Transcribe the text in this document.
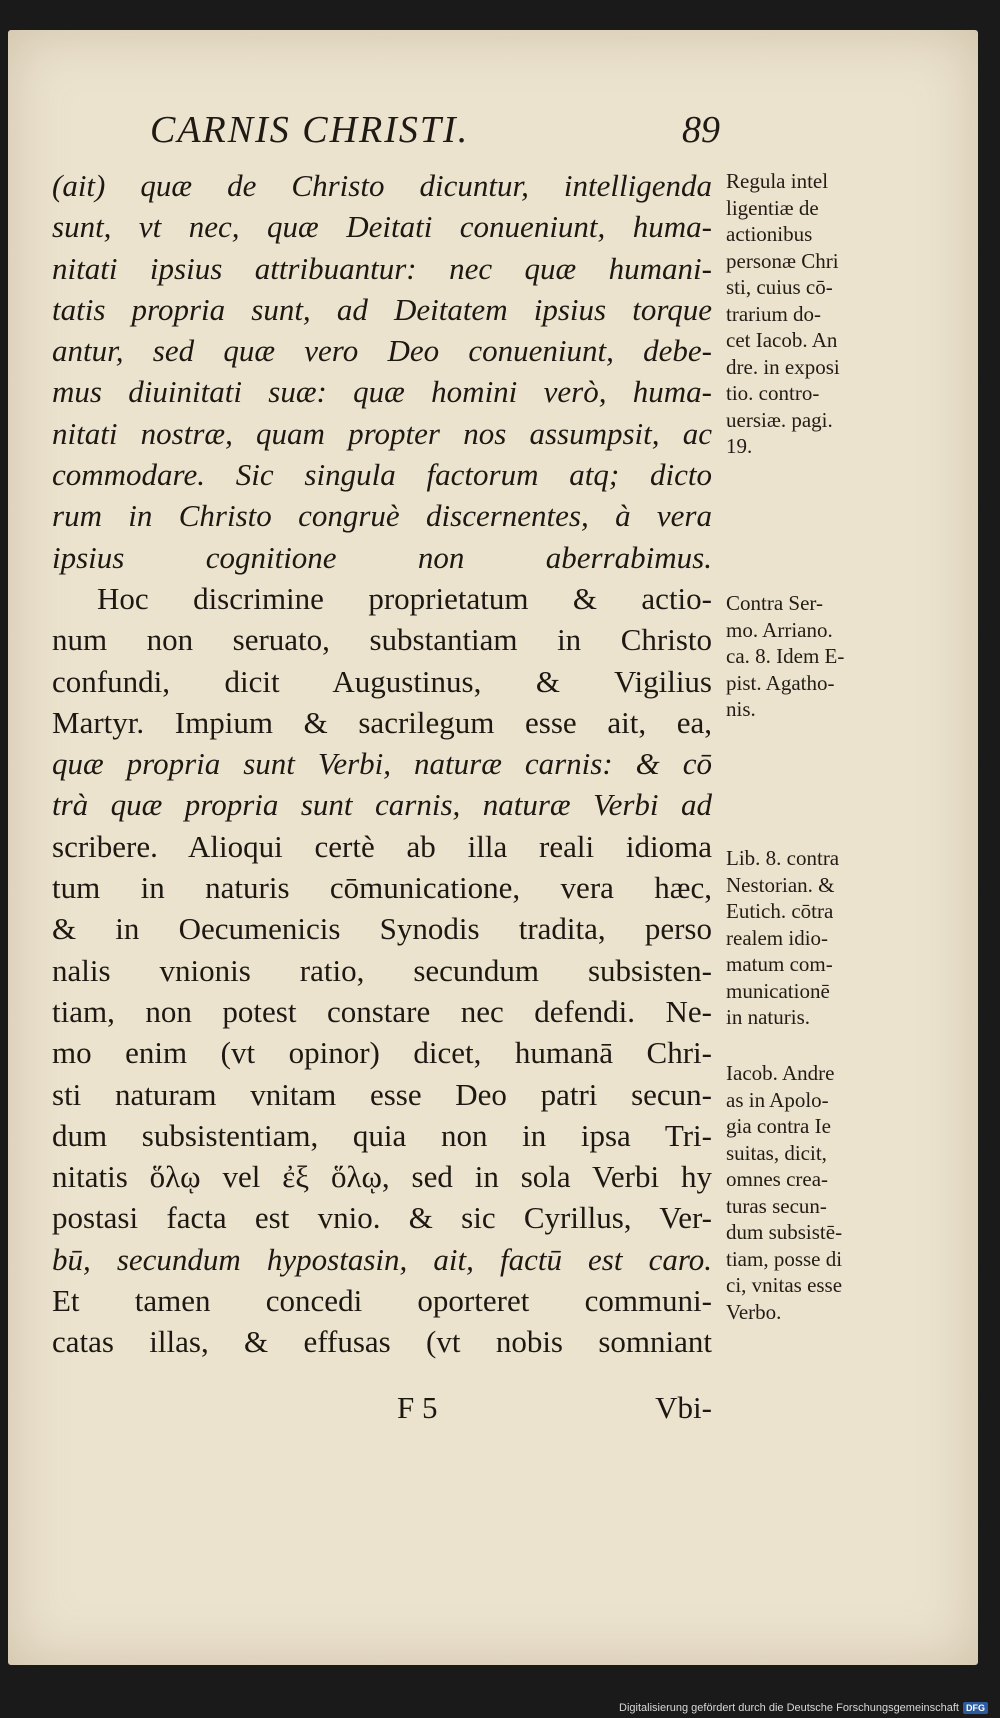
CARNIS CHRISTI.	89
(ait) quæ de Christo dicuntur, intelligenda
sunt, vt nec, quæ Deitati conueniunt, huma-
nitati ipsius attribuantur: nec quæ humani-
tatis propria sunt, ad Deitatem ipsius torque
antur, sed quæ vero Deo conueniunt, debe-
mus diuinitati suæ: quæ homini verò, huma-
nitati nostræ, quam propter nos assumpsit, ac
commodare. Sic singula factorum atq; dicto
rum in Christo congruè discernentes, à vera
ipsius cognitione non aberrabimus.
Hoc discrimine proprietatum & actio-
num non seruato, substantiam in Christo
confundi, dicit Augustinus, & Vigilius
Martyr. Impium & sacrilegum esse ait, ea,
quæ propria sunt Verbi, naturæ carnis: & cō
trà quæ propria sunt carnis, naturæ Verbi ad
scribere. Alioqui certè ab illa reali idioma
tum in naturis cōmunicatione, vera hæc,
& in Oecumenicis Synodis tradita, perso
nalis vnionis ratio, secundum subsisten-
tiam, non potest constare nec defendi. Ne-
mo enim (vt opinor) dicet, humanā Chri-
sti naturam vnitam esse Deo patri secun-
dum subsistentiam, quia non in ipsa Tri-
nitatis ὅλῳ vel ἐξ ὅλῳ, sed in sola Verbi hy
postasi facta est vnio. & sic Cyrillus, Ver-
bū, secundum hypostasin, ait, factū est caro.
Et tamen concedi oporteret communi-
catas illas, & effusas (vt nobis somniant
Regula intel
ligentiæ de
actionibus
personæ Chri
sti, cuius cō-
trarium do-
cet Iacob. An
dre. in exposi
tio. contro-
uersiæ. pagi.
19.
Contra Ser-
mo. Arriano.
ca. 8. Idem E-
pist. Agatho-
nis.
Lib. 8. contra
Nestorian. &
Eutich. cōtra
realem idio-
matum com-
municationē
in naturis.
Iacob. Andre
as in Apolo-
gia contra Ie
suitas, dicit,
omnes crea-
turas secun-
dum subsistē-
tiam, posse di
ci, vnitas esse
Verbo.
F 5	Vbi-
Digitalisierung gefördert durch die Deutsche Forschungsgemeinschaft DFG
